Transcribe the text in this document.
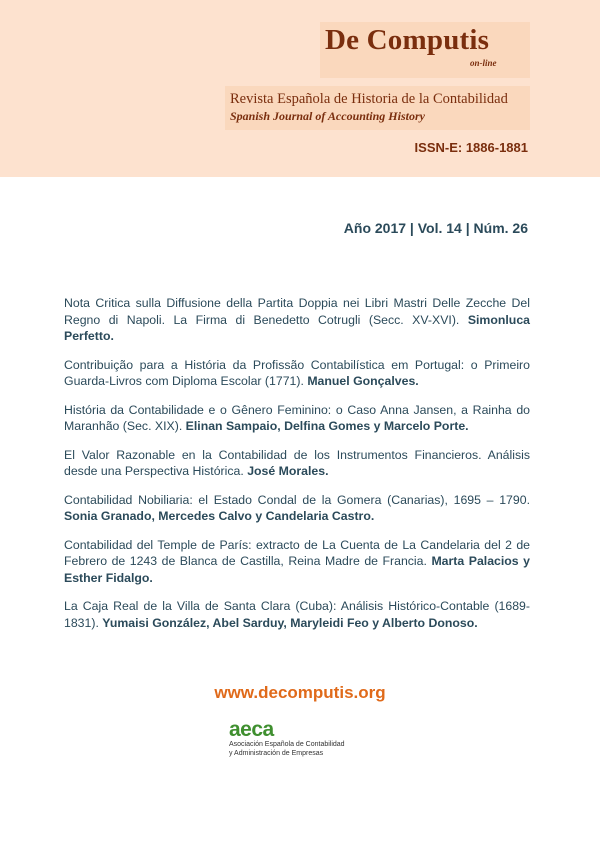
De Computis
on-line
Revista Española de Historia de la Contabilidad
Spanish Journal of Accounting History
ISSN-E: 1886-1881
Año 2017 | Vol. 14 | Núm. 26

Nota Critica sulla Diffusione della Partita Doppia nei Libri Mastri Delle Zecche Del Regno di Napoli. La Firma di Benedetto Cotrugli (Secc. XV-XVI). Simonluca Perfetto.

Contribuição para a História da Profissão Contabilística em Portugal: o Primeiro Guarda-Livros com Diploma Escolar (1771). Manuel Gonçalves.

História da Contabilidade e o Gênero Feminino: o Caso Anna Jansen, a Rainha do Maranhão (Sec. XIX). Elinan Sampaio, Delfina Gomes y Marcelo Porte.

El Valor Razonable en la Contabilidad de los Instrumentos Financieros. Análisis desde una Perspectiva Histórica. José Morales.

Contabilidad Nobiliaria: el Estado Condal de la Gomera (Canarias), 1695 – 1790. Sonia Granado, Mercedes Calvo y Candelaria Castro.

Contabilidad del Temple de París: extracto de La Cuenta de La Candelaria del 2 de Febrero de 1243 de Blanca de Castilla, Reina Madre de Francia. Marta Palacios y Esther Fidalgo.

La Caja Real de la Villa de Santa Clara (Cuba): Análisis Histórico-Contable (1689-1831). Yumaisi González, Abel Sarduy, Maryleidi Feo y Alberto Donoso.

www.decomputis.org
aeca
Asociación Española de Contabilidad
y Administración de Empresas
